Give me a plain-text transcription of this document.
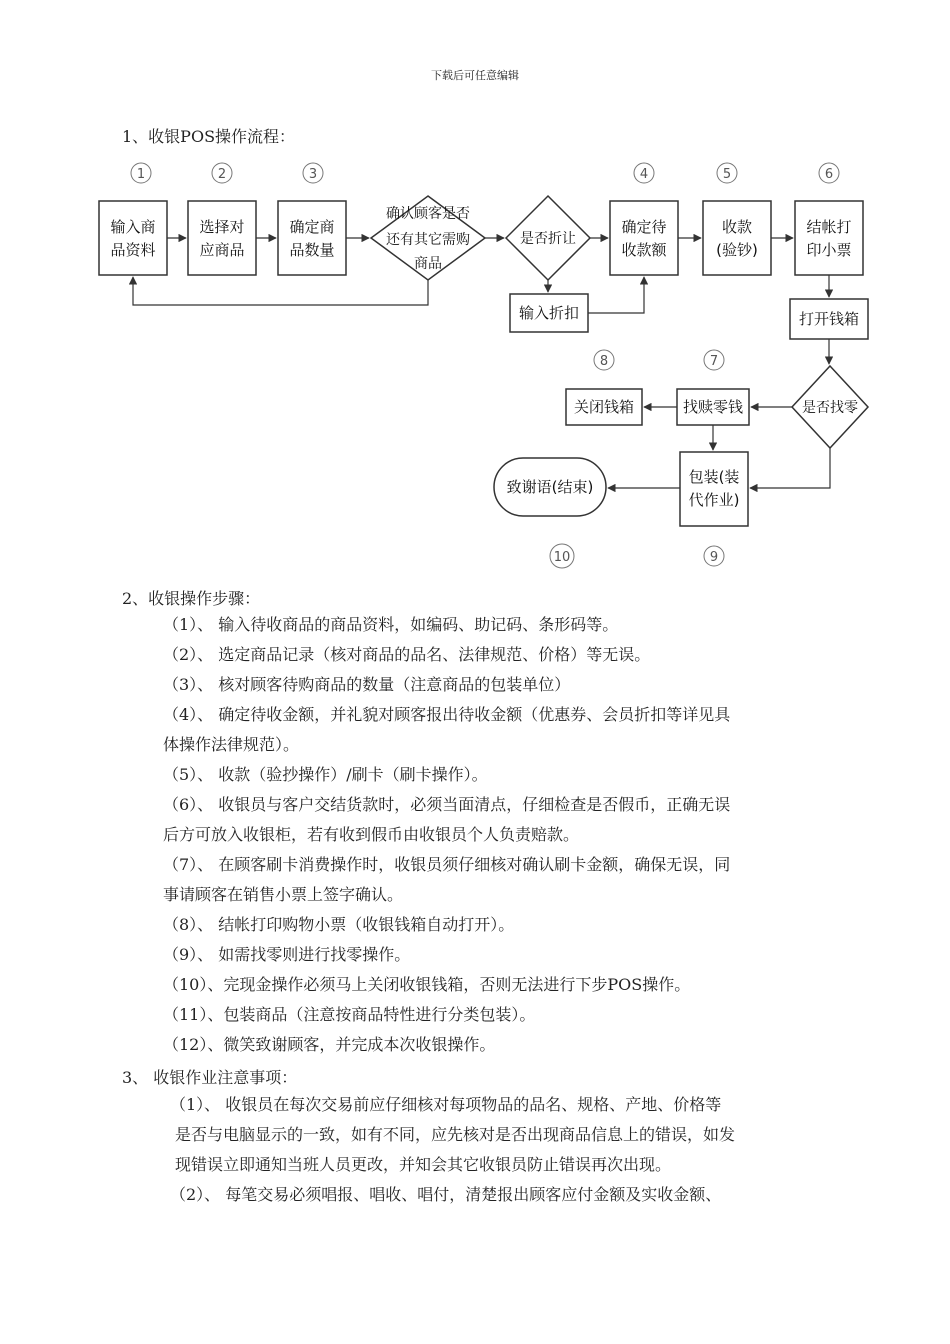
下载后可任意编辑
1、收银POS操作流程：
1	2	3	4	5	6
7
8
9
10
输入商
品资料
选择对
应商品
确定商
品数量
确认顾客是否
还有其它需购
商品
是否折让
输入折扣
确定待
收款额
收款
(验钞)
结帐打
印小票
打开钱箱
是否找零
找赎零钱
关闭钱箱
包装(装
代作业)
致谢语(结束)
2、收银操作步骤：
（1）、 输入待收商品的商品资料，如编码、助记码、条形码等。
（2）、 选定商品记录（核对商品的品名、法律规范、价格）等无误。
（3）、 核对顾客待购商品的数量（注意商品的包装单位）
（4）、 确定待收金额，并礼貌对顾客报出待收金额（优惠券、会员折扣等详见具
体操作法律规范）。
（5）、 收款（验抄操作）/刷卡（刷卡操作）。
（6）、 收银员与客户交结货款时，必须当面清点，仔细检查是否假币，正确无误
后方可放入收银柜，若有收到假币由收银员个人负责赔款。
（7）、 在顾客刷卡消费操作时，收银员须仔细核对确认刷卡金额，确保无误，同
事请顾客在销售小票上签字确认。
（8）、 结帐打印购物小票（收银钱箱自动打开）。
（9）、 如需找零则进行找零操作。
（10）、完现金操作必须马上关闭收银钱箱，否则无法进行下步POS操作。
（11）、包装商品（注意按商品特性进行分类包装）。
（12）、微笑致谢顾客，并完成本次收银操作。
3、 收银作业注意事项：
（1）、 收银员在每次交易前应仔细核对每项物品的品名、规格、产地、价格等
是否与电脑显示的一致，如有不同，应先核对是否出现商品信息上的错误，如发
现错误立即通知当班人员更改，并知会其它收银员防止错误再次出现。
（2）、 每笔交易必须唱报、唱收、唱付，清楚报出顾客应付金额及实收金额、
